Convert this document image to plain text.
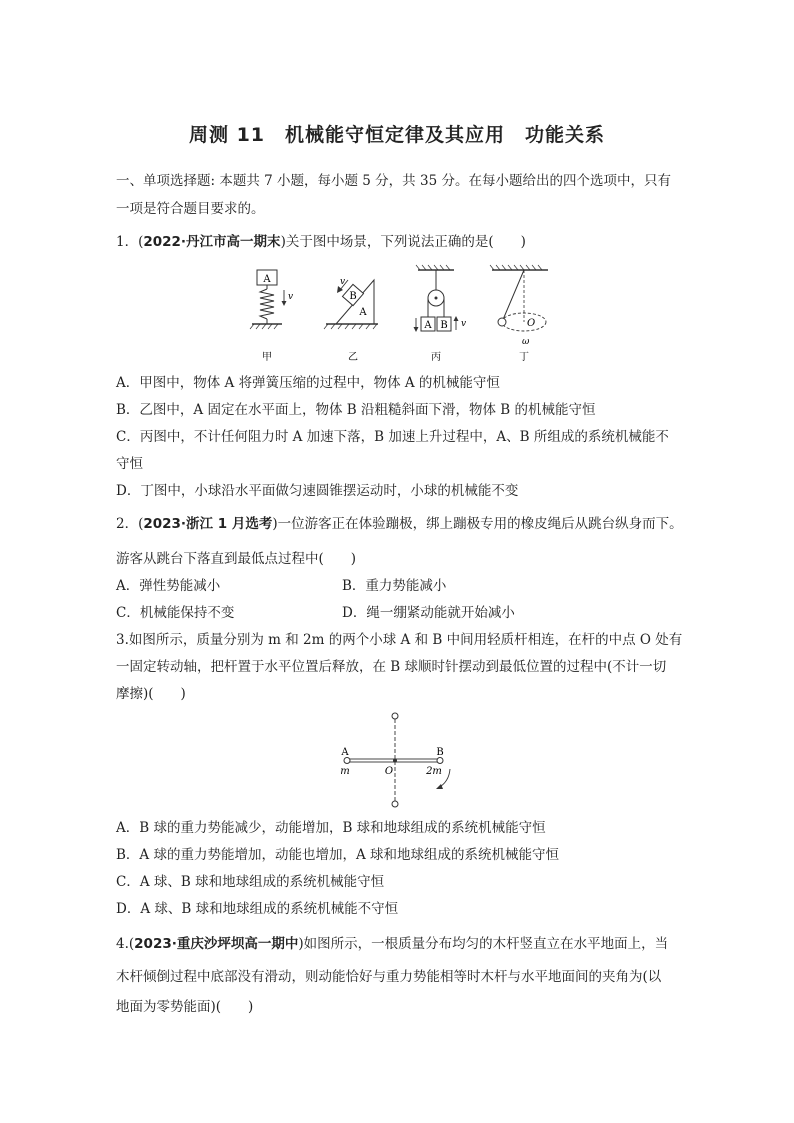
周测 11　机械能守恒定律及其应用　功能关系
一、单项选择题: 本题共 7 小题，每小题 5 分，共 35 分。在每小题给出的四个选项中，只有
一项是符合题目要求的。
1．(2022·丹江市高一期末)关于图中场景，下列说法正确的是(　　)
A
v
甲
B
A
v
乙
A B v
丙
O
ω
丁
A．甲图中，物体 A 将弹簧压缩的过程中，物体 A 的机械能守恒
B．乙图中，A 固定在水平面上，物体 B 沿粗糙斜面下滑，物体 B 的机械能守恒
C．丙图中，不计任何阻力时 A 加速下落，B 加速上升过程中，A、B 所组成的系统机械能不
守恒
D．丁图中，小球沿水平面做匀速圆锥摆运动时，小球的机械能不变
2．(2023·浙江 1 月选考)一位游客正在体验蹦极，绑上蹦极专用的橡皮绳后从跳台纵身而下。
游客从跳台下落直到最低点过程中(　　)
A．弹性势能减小	B．重力势能减小
C．机械能保持不变	D．绳一绷紧动能就开始减小
3.如图所示，质量分别为 m 和 2m 的两个小球 A 和 B 中间用轻质杆相连，在杆的中点 O 处有
一固定转动轴，把杆置于水平位置后释放，在 B 球顺时针摆动到最低位置的过程中(不计一切
摩擦)(　　)
A	B
m	O	2m
A．B 球的重力势能减少，动能增加，B 球和地球组成的系统机械能守恒
B．A 球的重力势能增加，动能也增加，A 球和地球组成的系统机械能守恒
C．A 球、B 球和地球组成的系统机械能守恒
D．A 球、B 球和地球组成的系统机械能不守恒
4.(2023·重庆沙坪坝高一期中)如图所示，一根质量分布均匀的木杆竖直立在水平地面上，当
木杆倾倒过程中底部没有滑动，则动能恰好与重力势能相等时木杆与水平地面间的夹角为(以
地面为零势能面)(　　)
